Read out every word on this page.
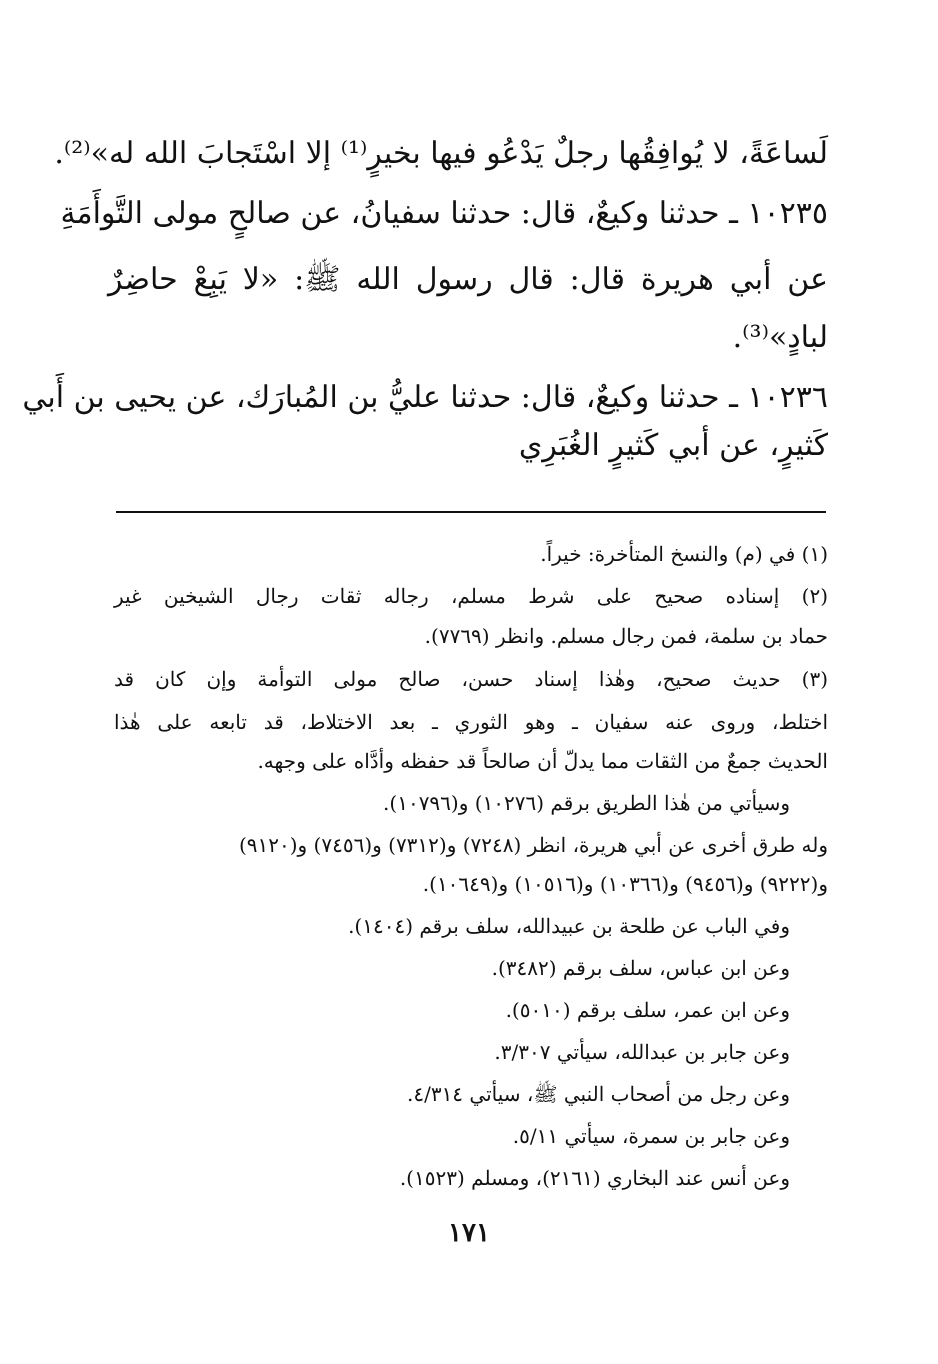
لَساعَةً، لا يُوافِقُها رجلٌ يَدْعُو فيها بخيرٍ⁽¹⁾ إلا اسْتَجابَ الله له»⁽²⁾.
١٠٢٣٥ ـ حدثنا وكيعٌ، قال: حدثنا سفيانُ، عن صالحٍ مولى التَّوأَمَةِ
عن أبي هريرة قال: قال رسول الله ﷺ: «لا يَبِعْ حاضِرٌ
لبادٍ»⁽³⁾.
١٠٢٣٦ ـ حدثنا وكيعٌ، قال: حدثنا عليُّ بن المُبارَك، عن يحيى بن أَبي
كَثيرٍ، عن أبي كَثيرٍ الغُبَرِي
(١) في (م) والنسخ المتأخرة: خيراً.
(٢) إسناده صحيح على شرط مسلم، رجاله ثقات رجال الشيخين غير
حماد بن سلمة، فمن رجال مسلم. وانظر (٧٧٦٩).
(٣) حديث صحيح، وهٰذا إسناد حسن، صالح مولى التوأمة وإن كان قد
اختلط، وروى عنه سفيان ـ وهو الثوري ـ بعد الاختلاط، قد تابعه على هٰذا
الحديث جمعٌ من الثقات مما يدلّ أن صالحاً قد حفظه وأدَّاه على وجهه.
وسيأتي من هٰذا الطريق برقم (١٠٢٧٦) و(١٠٧٩٦).
وله طرق أخرى عن أبي هريرة، انظر (٧٢٤٨) و(٧٣١٢) و(٧٤٥٦) و(٩١٢٠)
و(٩٢٢٢) و(٩٤٥٦) و(١٠٣٦٦) و(١٠٥١٦) و(١٠٦٤٩).
وفي الباب عن طلحة بن عبيدالله، سلف برقم (١٤٠٤).
وعن ابن عباس، سلف برقم (٣٤٨٢).
وعن ابن عمر، سلف برقم (٥٠١٠).
وعن جابر بن عبدالله، سيأتي ٣/٣٠٧.
وعن رجل من أصحاب النبي ﷺ، سيأتي ٤/٣١٤.
وعن جابر بن سمرة، سيأتي ٥/١١.
وعن أنس عند البخاري (٢١٦١)، ومسلم (١٥٢٣).
١٧١
